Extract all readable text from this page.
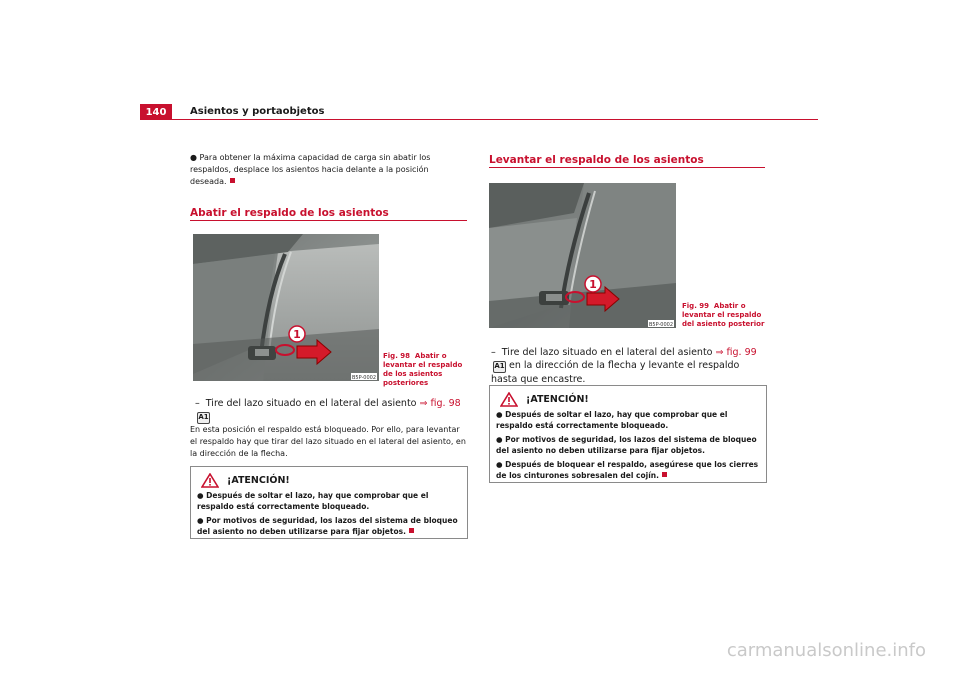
140	Asientos y portaobjetos
● Para obtener la máxima capacidad de carga sin abatir los respaldos, desplace los asientos hacia delante a la posición deseada.
Abatir el respaldo de los asientos
1
B5P-0002
Fig. 98 Abatir o levantar el respaldo de los asientos posteriores
– Tire del lazo situado en el lateral del asiento ⇒ fig. 98 A1
En esta posición el respaldo está bloqueado. Por ello, para levantar el respaldo hay que tirar del lazo situado en el lateral del asiento, en la dirección de la flecha.
¡ATENCIÓN!
● Después de soltar el lazo, hay que comprobar que el respaldo está correctamente bloqueado.
● Por motivos de seguridad, los lazos del sistema de bloqueo del asiento no deben utilizarse para fijar objetos.
Levantar el respaldo de los asientos
1
B5P-0002
Fig. 99 Abatir o levantar el respaldo del asiento posterior
– Tire del lazo situado en el lateral del asiento ⇒ fig. 99 A1 en la dirección de la flecha y levante el respaldo hasta que encastre.
¡ATENCIÓN!
● Después de soltar el lazo, hay que comprobar que el respaldo está correctamente bloqueado.
● Por motivos de seguridad, los lazos del sistema de bloqueo del asiento no deben utilizarse para fijar objetos.
● Después de bloquear el respaldo, asegúrese que los cierres de los cinturones sobresalen del cojín.
carmanualsonline.info
